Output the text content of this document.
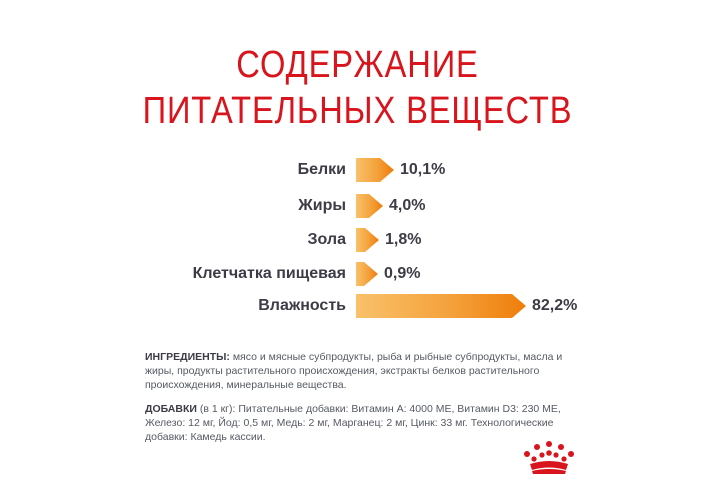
СОДЕРЖАНИЕ
ПИТАТЕЛЬНЫХ ВЕЩЕСТВ
Белки	10,1%
Жиры	4,0%
Зола 1,8%
Клетчатка пищевая 0,9%
Влажность	82,2%
ИНГРЕДИЕНТЫ: мясо и мясные субпродукты, рыба и рыбные субпродукты, масла и жиры, продукты растительного происхождения, экстракты белков растительного происхождения, минеральные вещества.
ДОБАВКИ (в 1 кг): Питательные добавки: Витамин А: 4000 МЕ, Витамин D3: 230 МЕ, Железо: 12 мг, Йод: 0,5 мг, Медь: 2 мг, Марганец: 2 мг, Цинк: 33 мг. Технологические добавки: Камедь кассии.
